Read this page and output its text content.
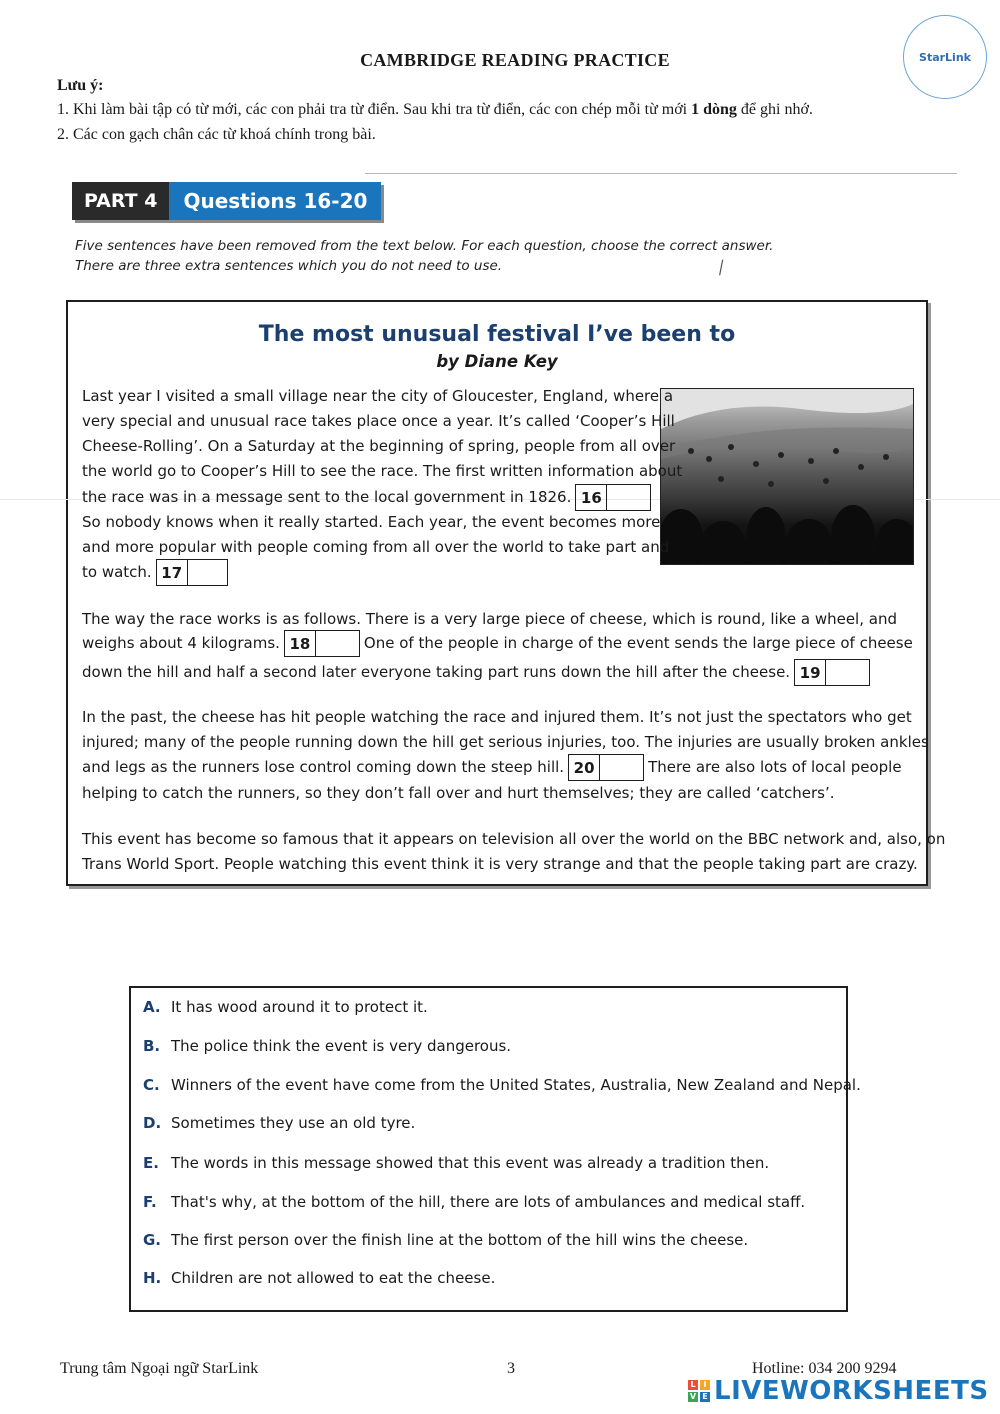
CAMBRIDGE READING PRACTICE	StarLink
Lưu ý:
1. Khi làm bài tập có từ mới, các con phải tra từ điển. Sau khi tra từ điển, các con chép mỗi từ mới 1 dòng để ghi nhớ.
2. Các con gạch chân các từ khoá chính trong bài.
PART 4	Questions 16-20
Five sentences have been removed from the text below. For each question, choose the correct answer.
There are three extra sentences which you do not need to use.	⁄
The most unusual festival I’ve been to
by Diane Key
Last year I visited a small village near the city of Gloucester, England, where a
very special and unusual race takes place once a year. It’s called ‘Cooper’s Hill
Cheese-Rolling’. On a Saturday at the beginning of spring, people from all over
the world go to Cooper’s Hill to see the race. The first written information about
the race was in a message sent to the local government in 1826. 16
So nobody knows when it really started. Each year, the event becomes more
and more popular with people coming from all over the world to take part and
to watch. 17
The way the race works is as follows. There is a very large piece of cheese, which is round, like a wheel, and
weighs about 4 kilograms. 18	One of the people in charge of the event sends the large piece of cheese
down the hill and half a second later everyone taking part runs down the hill after the cheese. 19
In the past, the cheese has hit people watching the race and injured them. It’s not just the spectators who get
injured; many of the people running down the hill get serious injuries, too. The injuries are usually broken ankles
and legs as the runners lose control coming down the steep hill. 20	There are also lots of local people
helping to catch the runners, so they don’t fall over and hurt themselves; they are called ‘catchers’.
This event has become so famous that it appears on television all over the world on the BBC network and, also, on
Trans World Sport. People watching this event think it is very strange and that the people taking part are crazy.
A. It has wood around it to protect it.
B. The police think the event is very dangerous.
C. Winners of the event have come from the United States, Australia, New Zealand and Nepal.
D. Sometimes they use an old tyre.
E. The words in this message showed that this event was already a tradition then.
F. That's why, at the bottom of the hill, there are lots of ambulances and medical staff.
G. The first person over the finish line at the bottom of the hill wins the cheese.
H. Children are not allowed to eat the cheese.
Trung tâm Ngoại ngữ StarLink	3	Hotline: 034 200 9294
L I
V E LIVEWORKSHEETS
